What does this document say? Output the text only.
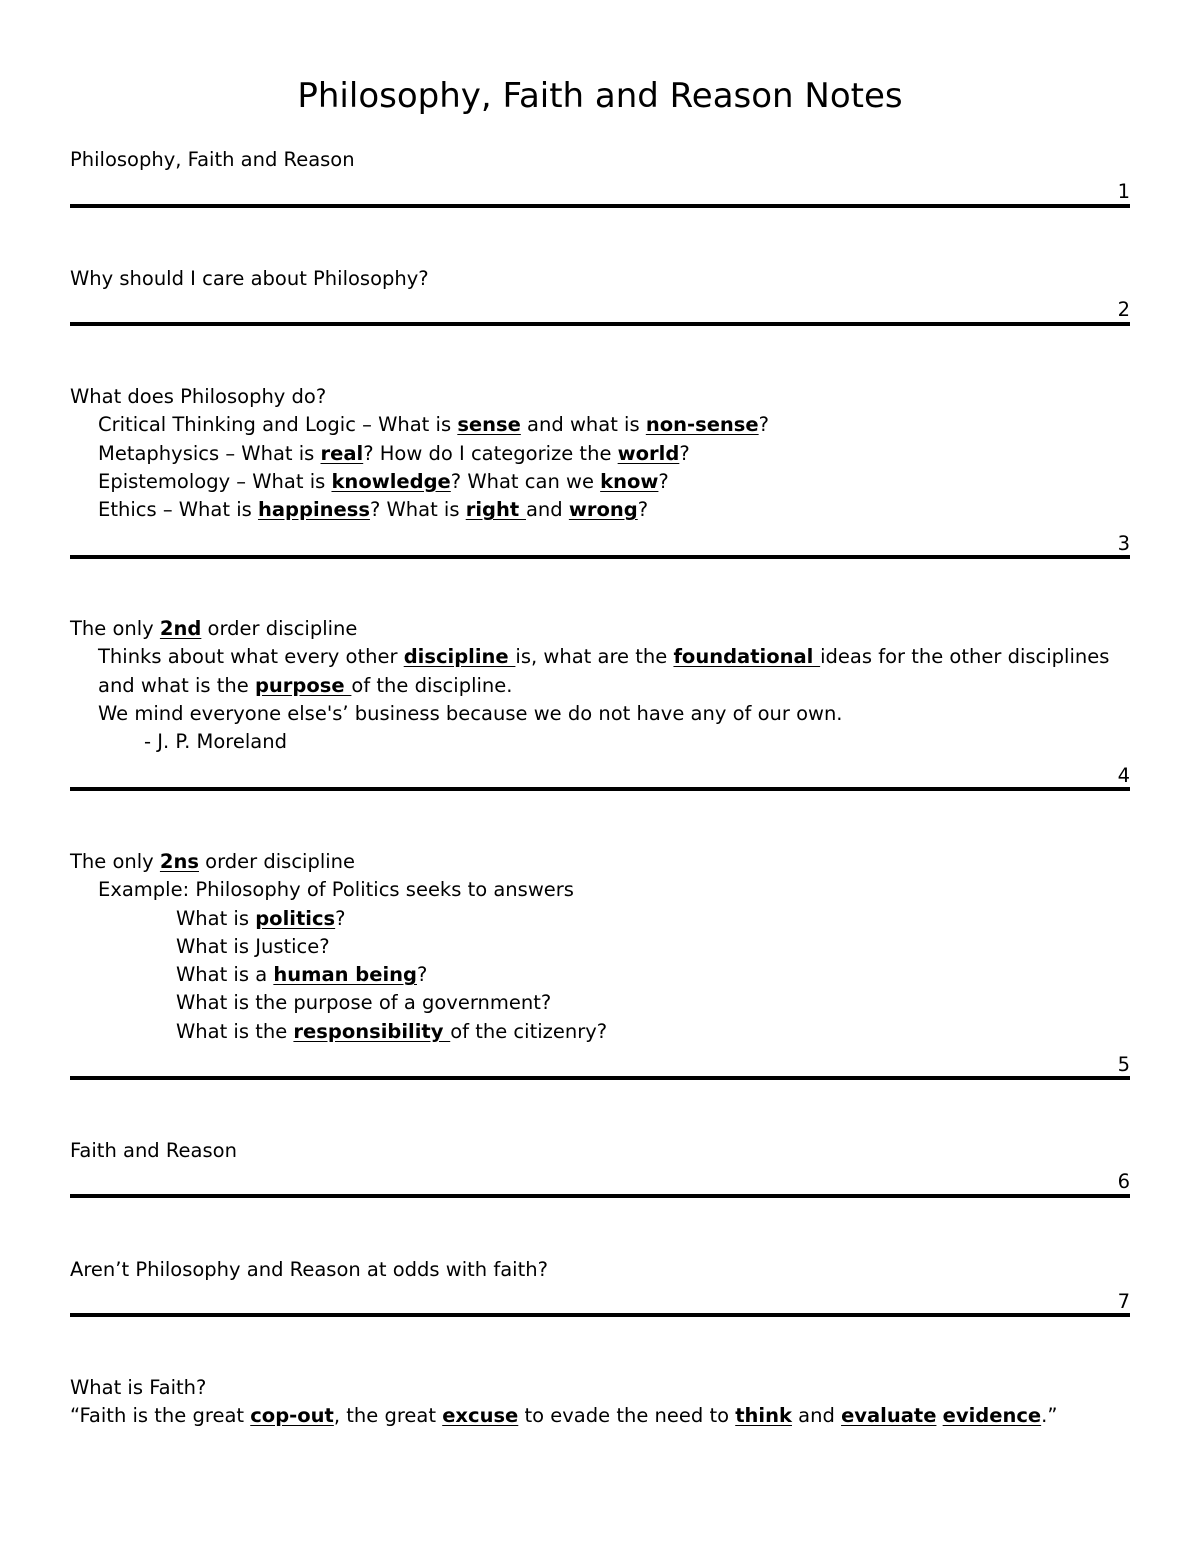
Philosophy, Faith and Reason Notes
Philosophy, Faith and Reason
1
Why should I care about Philosophy?
2
What does Philosophy do?
Critical Thinking and Logic – What is sense and what is non-sense?
Metaphysics – What is real? How do I categorize the world?
Epistemology – What is knowledge? What can we know?
Ethics – What is happiness? What is right and wrong?
3
The only 2nd order discipline
Thinks about what every other discipline is, what are the foundational ideas for the other disciplines and what is the purpose of the discipline.
We mind everyone else's’ business because we do not have any of our own.
- J. P. Moreland
4
The only 2ns order discipline
Example: Philosophy of Politics seeks to answers
What is politics?
What is Justice?
What is a human being?
What is the purpose of a government?
What is the responsibility of the citizenry?
5
Faith and Reason
6
Aren’t Philosophy and Reason at odds with faith?
7
What is Faith?
“Faith is the great cop-out, the great excuse to evade the need to think and evaluate evidence.”
